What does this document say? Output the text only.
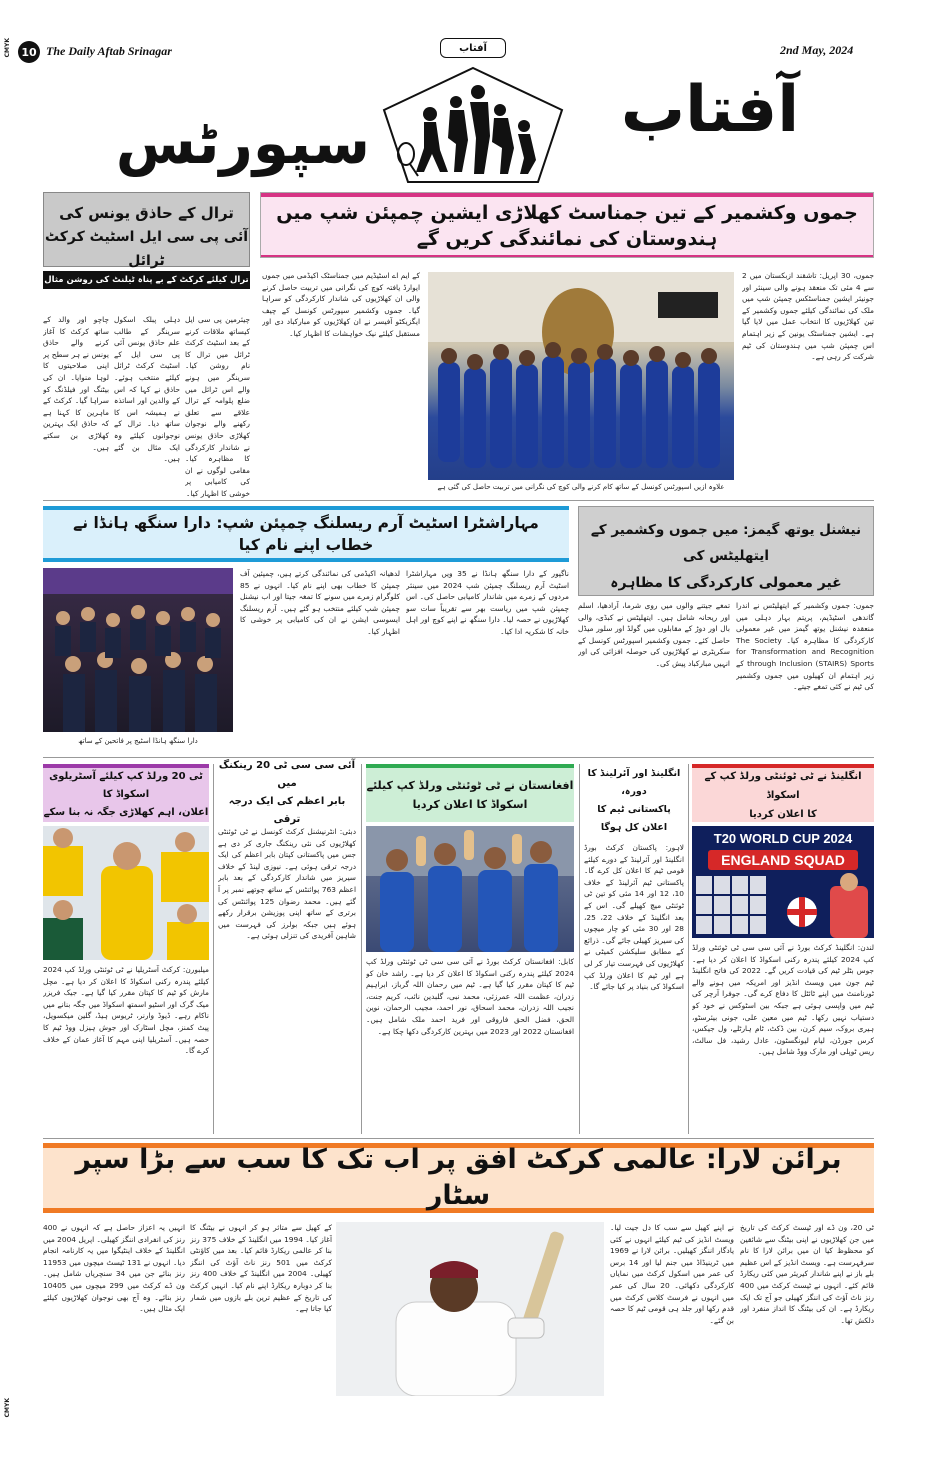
CMYK 10 The Daily Aftab Srinagar	آفتاب	2nd May, 2024
سپورٹس	آفتاب
ترال کے حاذق یونس کی
آئی پی سی ایل اسٹیٹ کرکٹ ٹرائل
ترال کیلئے کرکٹ کے بے پناہ ٹیلنٹ کی روشن مثال بن گئے
چاچو اور والد کے ساتھ کرکٹ کا آغاز کرنے والے حاذق یونس نے ہر سطح پر اپنی صلاحیتوں کا لوہا منوایا۔ ان کی بیٹنگ اور فیلڈنگ کو سراہا گیا۔ کرکٹ کے ماہرین کا کہنا ہے کہ حاذق ایک بہترین کھلاڑی بن سکتے ہیں۔
دہلی پبلک اسکول سرینگر کے طالب علم حاذق یونس آئی پی سی ایل کے اسٹیٹ کرکٹ ٹرائل کیلئے منتخب ہوئے۔ حاذق نے کہا کہ اس کے والدین اور اساتذہ نے ہمیشہ اس کا ساتھ دیا۔ ترال کے نوجوانوں کیلئے وہ ایک مثال بن گئے ہیں۔
چیئرمین پی سی ایل کیساتھ ملاقات کرنے کے بعد اسٹیٹ کرکٹ ٹرائل میں ترال کا نام روشن کیا۔ سرینگر میں ہونے والے اس ٹرائل میں ضلع پلوامہ کے ترال علاقے سے تعلق رکھنے والے نوجوان کھلاڑی حاذق یونس نے شاندار کارکردگی کا مظاہرہ کیا۔ مقامی لوگوں نے ان کی کامیابی پر خوشی کا اظہار کیا۔
جموں وکشمیر کے تین جمناسٹ کھلاڑی ایشین چمپئن شپ میں ہندوستان کی نمائندگی کریں گے
جموں، 30 اپریل: تاشقند ازبکستان میں 2 سے 4 مئی تک منعقد ہونے والی سینئر اور جونیئر ایشین جمناسٹکس چمپئن شپ میں ملک کی نمائندگی کیلئے جموں وکشمیر کے تین کھلاڑیوں کا انتخاب عمل میں لایا گیا ہے۔ ایشین جمناسٹک یونین کے زیر اہتمام اس چمپئن شپ میں ہندوستان کی ٹیم شرکت کر رہی ہے۔
علاوہ ازیں اسپورٹس کونسل کے ساتھ کام کرنے والی کوچ کی نگرانی میں تربیت حاصل کی گئی ہے
کے ایم اے اسٹیڈیم میں جمناسٹک اکیڈمی میں جموں ایوارڈ یافتہ کوچ کی نگرانی میں تربیت حاصل کرنے والی ان کھلاڑیوں کی شاندار کارکردگی کو سراہا گیا۔ جموں وکشمیر سپورٹس کونسل کے چیف ایگزیکٹو آفیسر نے ان کھلاڑیوں کو مبارکباد دی اور مستقبل کیلئے نیک خواہشات کا اظہار کیا۔
مہاراشٹرا اسٹیٹ آرم ریسلنگ چمپئن شپ: دارا سنگھ ہانڈا نے خطاب اپنے نام کیا
دارا سنگھ ہانڈا اسٹیج پر فاتحین کے ساتھ
لدھیانہ اکیڈمی کی نمائندگی کرتے ہیں، چمپئین آف چمپئن کا خطاب بھی اپنے نام کیا۔ انہوں نے 85 کلوگرام زمرے میں سونے کا تمغہ جیتا اور اب نیشنل چمپئن شپ کیلئے منتخب ہو گئے ہیں۔ آرم ریسلنگ ایسوسی ایشن نے ان کی کامیابی پر خوشی کا اظہار کیا۔
ناگپور کے دارا سنگھ ہانڈا نے 35 ویں مہاراشٹرا اسٹیٹ آرم ریسلنگ چمپئن شپ 2024 میں سینئر مردوں کے زمرے میں شاندار کامیابی حاصل کی۔ اس چمپئن شپ میں ریاست بھر سے تقریباً سات سو کھلاڑیوں نے حصہ لیا۔ دارا سنگھ نے اپنے کوچ اور اہل خانہ کا شکریہ ادا کیا۔
نیشنل یوتھ گیمز: میں جموں وکشمیر کے ایتھلیٹس کی
غیر معمولی کارکردگی کا مظاہرہ
جموں: جموں وکشمیر کے ایتھلیٹس نے اندرا گاندھی اسٹیڈیم، پریتم بہار دہلی میں منعقدہ نیشنل یوتھ گیمز میں غیر معمولی کارکردگی کا مظاہرہ کیا۔ The Society for Transformation and Recognition through Inclusion (STAIRS) Sports کے زیر اہتمام ان کھیلوں میں جموں وکشمیر کی ٹیم نے کئی تمغے جیتے۔
تمغے جیتنے والوں میں روی شرما، آرادھیا، اسلم اور ریحانہ شامل ہیں۔ ایتھلیٹس نے کبڈی، والی بال اور دوڑ کے مقابلوں میں گولڈ اور سلور میڈل حاصل کئے۔ جموں وکشمیر اسپورٹس کونسل کے سکریٹری نے کھلاڑیوں کی حوصلہ افزائی کی اور انہیں مبارکباد پیش کی۔
ٹی 20 ورلڈ کپ کیلئے آسٹریلوی اسکواڈ کا
اعلان، اہم کھلاڑی جگہ نہ بنا سکے
میلبورن: کرکٹ آسٹریلیا نے ٹی ٹوئنٹی ورلڈ کپ 2024 کیلئے پندرہ رکنی اسکواڈ کا اعلان کر دیا ہے۔ مچل مارش کو ٹیم کا کپتان مقرر کیا گیا ہے۔ جیک فریزر میک گرک اور اسٹیو اسمتھ اسکواڈ میں جگہ بنانے میں ناکام رہے۔ ڈیوڈ وارنر، ٹریوس ہیڈ، گلین میکسویل، پیٹ کمنز، مچل اسٹارک اور جوش ہیزل ووڈ ٹیم کا حصہ ہیں۔ آسٹریلیا اپنی مہم کا آغاز عمان کے خلاف کرے گا۔
آئی سی سی ٹی 20 رینکنگ میں
بابر اعظم کی ایک درجہ ترقی
دبئی: انٹرنیشنل کرکٹ کونسل نے ٹی ٹوئنٹی کھلاڑیوں کی نئی رینکنگ جاری کر دی ہے جس میں پاکستانی کپتان بابر اعظم کی ایک درجہ ترقی ہوئی ہے۔ نیوزی لینڈ کے خلاف سیریز میں شاندار کارکردگی کے بعد بابر اعظم 763 پوائنٹس کے ساتھ چوتھے نمبر پر آ گئے ہیں۔ محمد رضوان 125 پوائنٹس کی برتری کے ساتھ اپنی پوزیشن برقرار رکھے ہوئے ہیں جبکہ بولرز کی فہرست میں شاہین آفریدی کی تنزلی ہوئی ہے۔
افغانستان نے ٹی ٹوئنٹی ورلڈ کپ کیلئے
اسکواڈ کا اعلان کردیا
کابل: افغانستان کرکٹ بورڈ نے آئی سی سی ٹی ٹوئنٹی ورلڈ کپ 2024 کیلئے پندرہ رکنی اسکواڈ کا اعلان کر دیا ہے۔ راشد خان کو ٹیم کا کپتان مقرر کیا گیا ہے۔ ٹیم میں رحمان اللہ گرباز، ابراہیم زدران، عظمت اللہ عمرزئی، محمد نبی، گلبدین نائب، کریم جنت، نجیب اللہ زدران، محمد اسحاق، نور احمد، مجیب الرحمان، نوین الحق، فضل الحق فاروقی اور فرید احمد ملک شامل ہیں۔ افغانستان 2022 اور 2023 میں بہترین کارکردگی دکھا چکا ہے۔
انگلینڈ اور آئرلینڈ کا دورہ،
پاکستانی ٹیم کا اعلان کل ہوگا
لاہور: پاکستان کرکٹ بورڈ انگلینڈ اور آئرلینڈ کے دورے کیلئے قومی ٹیم کا اعلان کل کرے گا۔ پاکستانی ٹیم آئرلینڈ کے خلاف 10، 12 اور 14 مئی کو تین ٹی ٹوئنٹی میچ کھیلے گی۔ اس کے بعد انگلینڈ کے خلاف 22، 25، 28 اور 30 مئی کو چار میچوں کی سیریز کھیلی جائے گی۔ ذرائع کے مطابق سلیکشن کمیٹی نے کھلاڑیوں کی فہرست تیار کر لی ہے اور ٹیم کا اعلان ورلڈ کپ اسکواڈ کی بنیاد پر کیا جائے گا۔
انگلینڈ نے ٹی ٹوئنٹی ورلڈ کپ کے اسکواڈ
کا اعلان کردیا
T20 WORLD CUP 2024
ENGLAND SQUAD
لندن: انگلینڈ کرکٹ بورڈ نے آئی سی سی ٹی ٹوئنٹی ورلڈ کپ 2024 کیلئے پندرہ رکنی اسکواڈ کا اعلان کر دیا ہے۔ جوس بٹلر ٹیم کی قیادت کریں گے۔ 2022 کی فاتح انگلینڈ ٹیم جون میں ویسٹ انڈیز اور امریکہ میں ہونے والے ٹورنامنٹ میں اپنے ٹائٹل کا دفاع کرے گی۔ جوفرا آرچر کی ٹیم میں واپسی ہوئی ہے جبکہ بین اسٹوکس نے خود کو دستیاب نہیں رکھا۔ ٹیم میں معین علی، جونی بیئرسٹو، ہیری بروک، سیم کرن، بین ڈکٹ، ٹام ہارٹلے، ول جیکس، کرس جورڈن، لیام لیونگسٹون، عادل رشید، فل سالٹ، ریس ٹوپلی اور مارک ووڈ شامل ہیں۔
برائن لارا: عالمی کرکٹ افق پر اب تک کا سب سے بڑا سپر سٹار
ٹی 20، ون ڈے اور ٹیسٹ کرکٹ کی تاریخ میں جن کھلاڑیوں نے اپنی بیٹنگ سے شائقین کو محظوظ کیا ان میں برائن لارا کا نام سرفہرست ہے۔ ویسٹ انڈیز کے اس عظیم بلے باز نے اپنے شاندار کیریئر میں کئی ریکارڈ قائم کئے۔ انہوں نے ٹیسٹ کرکٹ میں 400 رنز ناٹ آؤٹ کی اننگز کھیلی جو آج تک ایک ریکارڈ ہے۔ ان کی بیٹنگ کا انداز منفرد اور دلکش تھا۔
نے اپنے کھیل سے سب کا دل جیت لیا۔ ویسٹ انڈیز کی ٹیم کیلئے انہوں نے کئی یادگار اننگز کھیلیں۔ برائن لارا نے 1969 میں ٹرینیڈاڈ میں جنم لیا اور 14 برس کی عمر میں اسکول کرکٹ میں نمایاں کارکردگی دکھائی۔ 20 سال کی عمر میں انہوں نے فرسٹ کلاس کرکٹ میں قدم رکھا اور جلد ہی قومی ٹیم کا حصہ بن گئے۔
کے کھیل سے متاثر ہو کر انہوں نے بیٹنگ کا آغاز کیا۔ 1994 میں انگلینڈ کے خلاف 375 رنز بنا کر عالمی ریکارڈ قائم کیا۔ بعد میں کاؤنٹی کرکٹ میں 501 رنز ناٹ آؤٹ کی اننگز کھیلی۔ 2004 میں انگلینڈ کے خلاف 400 رنز بنا کر دوبارہ ریکارڈ اپنے نام کیا۔ انہیں کرکٹ کی تاریخ کے عظیم ترین بلے بازوں میں شمار کیا جاتا ہے۔
انہیں یہ اعزاز حاصل ہے کہ انہوں نے 400 رنز کی انفرادی اننگز کھیلی۔ اپریل 2004 میں انگلینڈ کے خلاف اینٹیگوا میں یہ کارنامہ انجام دیا۔ انہوں نے 131 ٹیسٹ میچوں میں 11953 رنز بنائے جن میں 34 سنچریاں شامل ہیں۔ ون ڈے کرکٹ میں 299 میچوں میں 10405 رنز بنائے۔ وہ آج بھی نوجوان کھلاڑیوں کیلئے ایک مثال ہیں۔
CMYK
